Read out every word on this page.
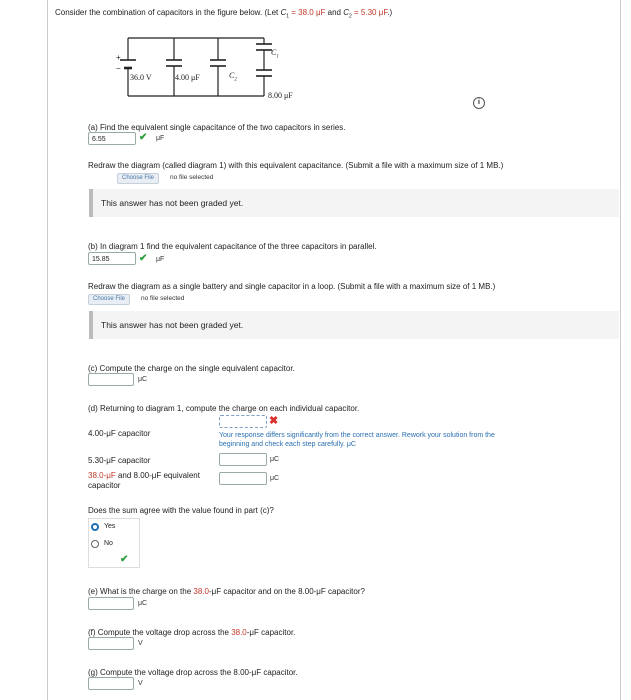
Consider the combination of capacitors in the figure below. (Let $C_1 = 38.0$ μF and $C_2 = 5.30$ μF.)
+
−
36.0 V	4.00 μF	$C_2$
$C_1$
8.00 μF
i
(a) Find the equivalent single capacitance of the two capacitors in series.
6.55	✔ μF
Redraw the diagram (called diagram 1) with this equivalent capacitance. (Submit a file with a maximum size of 1 MB.)
Choose File	no file selected
This answer has not been graded yet.
(b) In diagram 1 find the equivalent capacitance of the three capacitors in parallel.
15.85	✔ μF
Redraw the diagram as a single battery and single capacitor in a loop. (Submit a file with a maximum size of 1 MB.)
Choose File	no file selected
This answer has not been graded yet.
(c) Compute the charge on the single equivalent capacitor.
μC
(d) Returning to diagram 1, compute the charge on each individual capacitor.
4.00-μF capacitor
✖
Your response differs significantly from the correct answer. Rework your solution from the
beginning and check each step carefully. μC
5.30-μF capacitor	μC
38.0-μF and 8.00-μF equivalent
capacitor
μC
Does the sum agree with the value found in part (c)?
Yes
No
✔
(e) What is the charge on the 38.0-μF capacitor and on the 8.00-μF capacitor?
μC
(f) Compute the voltage drop across the 38.0-μF capacitor.
V
(g) Compute the voltage drop across the 8.00-μF capacitor.
V
